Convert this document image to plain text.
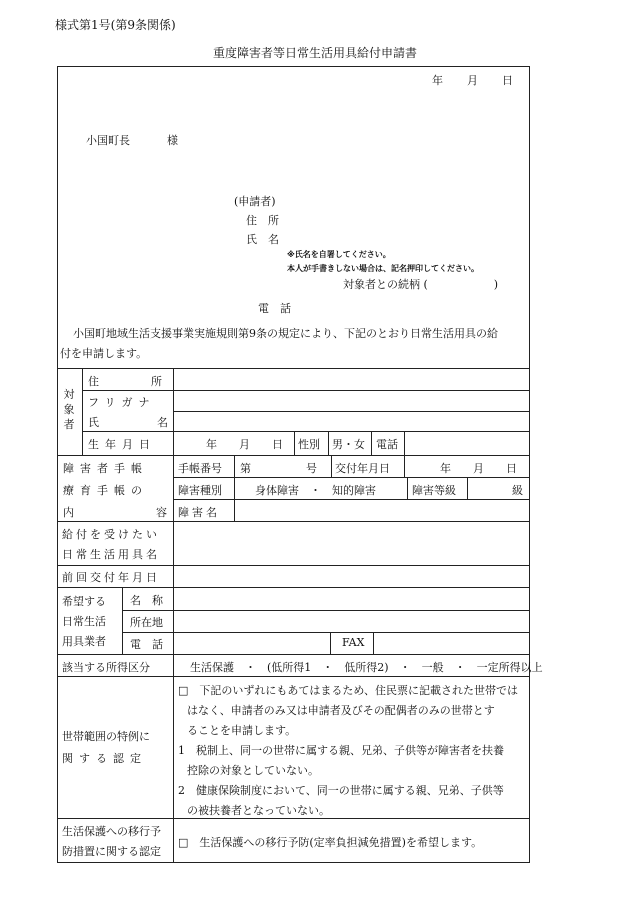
様式第1号(第9条関係)
重度障害者等日常生活用具給付申請書
年 月 日
小国町長	様
(申請者)
住　所
氏　名
※氏名を自署してください。
本人が手書きしない場合は、記名押印してください。
対象者との続柄 (　　　　　　)
電　話
小国町地域生活支援事業実施規則第9条の規定により、下記のとおり日常生活用具の給
付を申請します。
対象者
住	所
フリガナ
氏	名
生年月日	年　　月　　日 性別 男・女 電話
障害者手帳
療育手帳の
内	容
手帳番号 第　　　　　号	交付年月日	年　　月　　日
障害種別	身体障害　・　知的障害	障害等級	級
障害名
給付を受けたい
日常生活用具名
前回交付年月日
希望する
日常生活
用具業者
名　称
所在地
電　話	FAX
該当する所得区分	生活保護　・　(低所得1　・　低所得2)　・　一般　・　一定所得以上
世帯範囲の特例に
関する認定
□　下記のいずれにもあてはまるため、住民票に記載された世帯では
はなく、申請者のみ又は申請者及びその配偶者のみの世帯とす
ることを申請します。
1　税制上、同一の世帯に属する親、兄弟、子供等が障害者を扶養
控除の対象としていない。
2　健康保険制度において、同一の世帯に属する親、兄弟、子供等
の被扶養者となっていない。
生活保護への移行予
防措置に関する認定
□　生活保護への移行予防(定率負担減免措置)を希望します。
